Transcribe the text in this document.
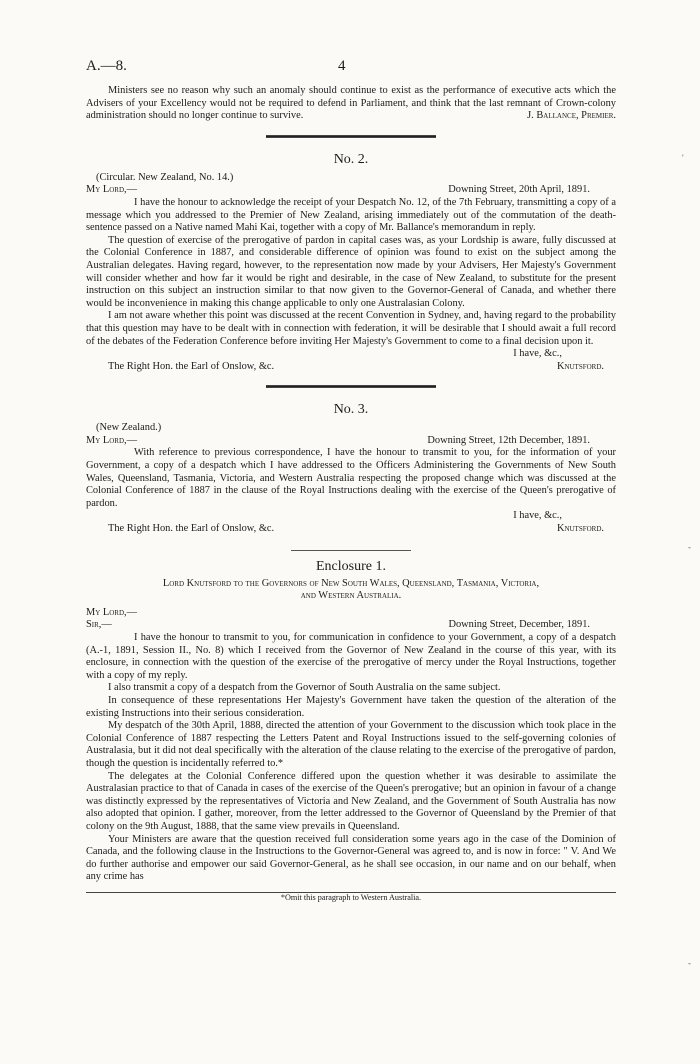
A.—8.	4

Ministers see no reason why such an anomaly should continue to exist as the performance of executive acts which the Advisers of your Excellency would not be required to defend in Parliament, and think that the last remnant of Crown-colony administration should no longer continue to survive.	J. Ballance, Premier.
No. 2.
(Circular. New Zealand, No. 14.)
My Lord,—	Downing Street, 20th April, 1891.

I have the honour to acknowledge the receipt of your Despatch No. 12, of the 7th February, transmitting a copy of a message which you addressed to the Premier of New Zealand, arising immediately out of the commutation of the death-sentence passed on a Native named Mahi Kai, together with a copy of Mr. Ballance's memorandum in reply.

The question of exercise of the prerogative of pardon in capital cases was, as your Lordship is aware, fully discussed at the Colonial Conference in 1887, and considerable difference of opinion was found to exist on the subject among the Australian delegates. Having regard, however, to the representation now made by your Advisers, Her Majesty's Government will consider whether and how far it would be right and desirable, in the case of New Zealand, to substitute for the present instruction on this subject an instruction similar to that now given to the Governor-General of Canada, and whether there would be inconvenience in making this change applicable to only one Australasian Colony.

I am not aware whether this point was discussed at the recent Convention in Sydney, and, having regard to the probability that this question may have to be dealt with in connection with federation, it will be desirable that I should await a full record of the debates of the Federation Conference before inviting Her Majesty's Government to come to a final decision upon it.

I have, &c.,
The Right Hon. the Earl of Onslow, &c.	Knutsford.
No. 3.
(New Zealand.)
My Lord,—	Downing Street, 12th December, 1891.

With reference to previous correspondence, I have the honour to transmit to you, for the information of your Government, a copy of a despatch which I have addressed to the Officers Administering the Governments of New South Wales, Queensland, Tasmania, Victoria, and Western Australia respecting the proposed change which was discussed at the Colonial Conference of 1887 in the clause of the Royal Instructions dealing with the exercise of the Queen's prerogative of pardon.

I have, &c.,
The Right Hon. the Earl of Onslow, &c.	Knutsford.
Enclosure 1.
Lord Knutsford to the Governors of New South Wales, Queensland, Tasmania, Victoria,
and Western Australia.
My Lord,—
Sir,—	Downing Street, December, 1891.

I have the honour to transmit to you, for communication in confidence to your Government, a copy of a despatch (A.-1, 1891, Session II., No. 8) which I received from the Governor of New Zealand in the course of this year, with its enclosure, in connection with the question of the exercise of the prerogative of mercy under the Royal Instructions, together with a copy of my reply.

I also transmit a copy of a despatch from the Governor of South Australia on the same subject.

In consequence of these representations Her Majesty's Government have taken the question of the alteration of the existing Instructions into their serious consideration.

My despatch of the 30th April, 1888, directed the attention of your Government to the discussion which took place in the Colonial Conference of 1887 respecting the Letters Patent and Royal Instructions issued to the self-governing colonies of Australasia, but it did not deal specifically with the alteration of the clause relating to the exercise of the prerogative of pardon, though the question is incidentally referred to.*

The delegates at the Colonial Conference differed upon the question whether it was desirable to assimilate the Australasian practice to that of Canada in cases of the exercise of the Queen's prerogative; but an opinion in favour of a change was distinctly expressed by the representatives of Victoria and New Zealand, and the Government of South Australia has now also adopted that opinion. I gather, moreover, from the letter addressed to the Governor of Queensland by the Premier of that colony on the 9th August, 1888, that the same view prevails in Queensland.

Your Ministers are aware that the question received full consideration some years ago in the case of the Dominion of Canada, and the following clause in the Instructions to the Governor-General was agreed to, and is now in force: " V. And We do further authorise and empower our said Governor-General, as he shall see occasion, in our name and on our behalf, when any crime has

*Omit this paragraph to Western Australia.
'
-
-
